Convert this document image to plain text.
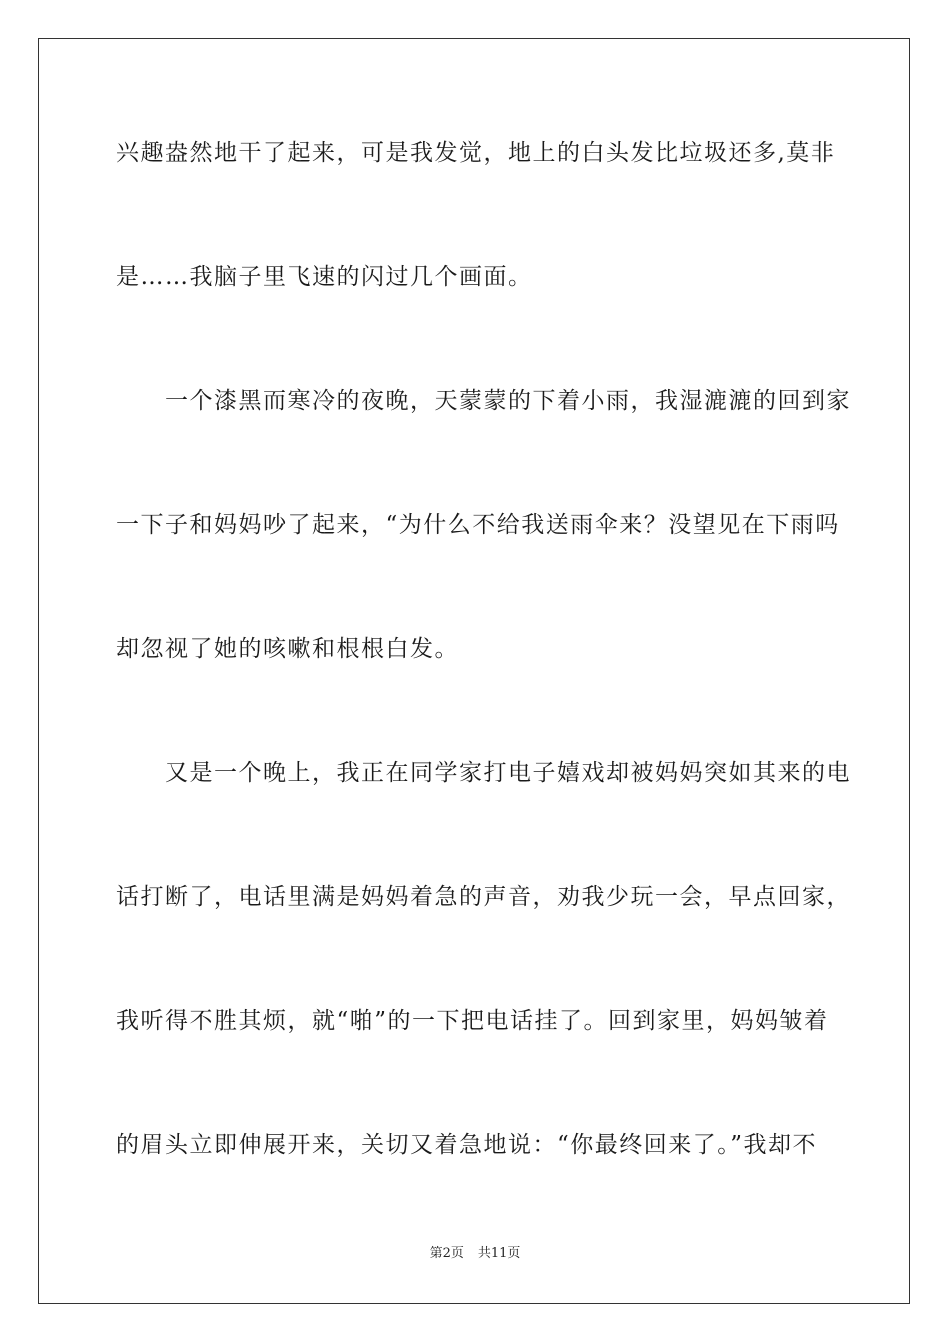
兴趣盎然地干了起来，可是我发觉，地上的白头发比垃圾还多,莫非
是……我脑子里飞速的闪过几个画面。
　　一个漆黑而寒冷的夜晚，天蒙蒙的下着小雨，我湿漉漉的回到家
一下子和妈妈吵了起来，“为什么不给我送雨伞来？没望见在下雨吗
却忽视了她的咳嗽和根根白发。
　　又是一个晚上，我正在同学家打电子嬉戏却被妈妈突如其来的电
话打断了，电话里满是妈妈着急的声音，劝我少玩一会，早点回家，
我听得不胜其烦，就“啪”的一下把电话挂了。回到家里，妈妈皱着
的眉头立即伸展开来，关切又着急地说：“你最终回来了。”我却不
第2页 共11页
